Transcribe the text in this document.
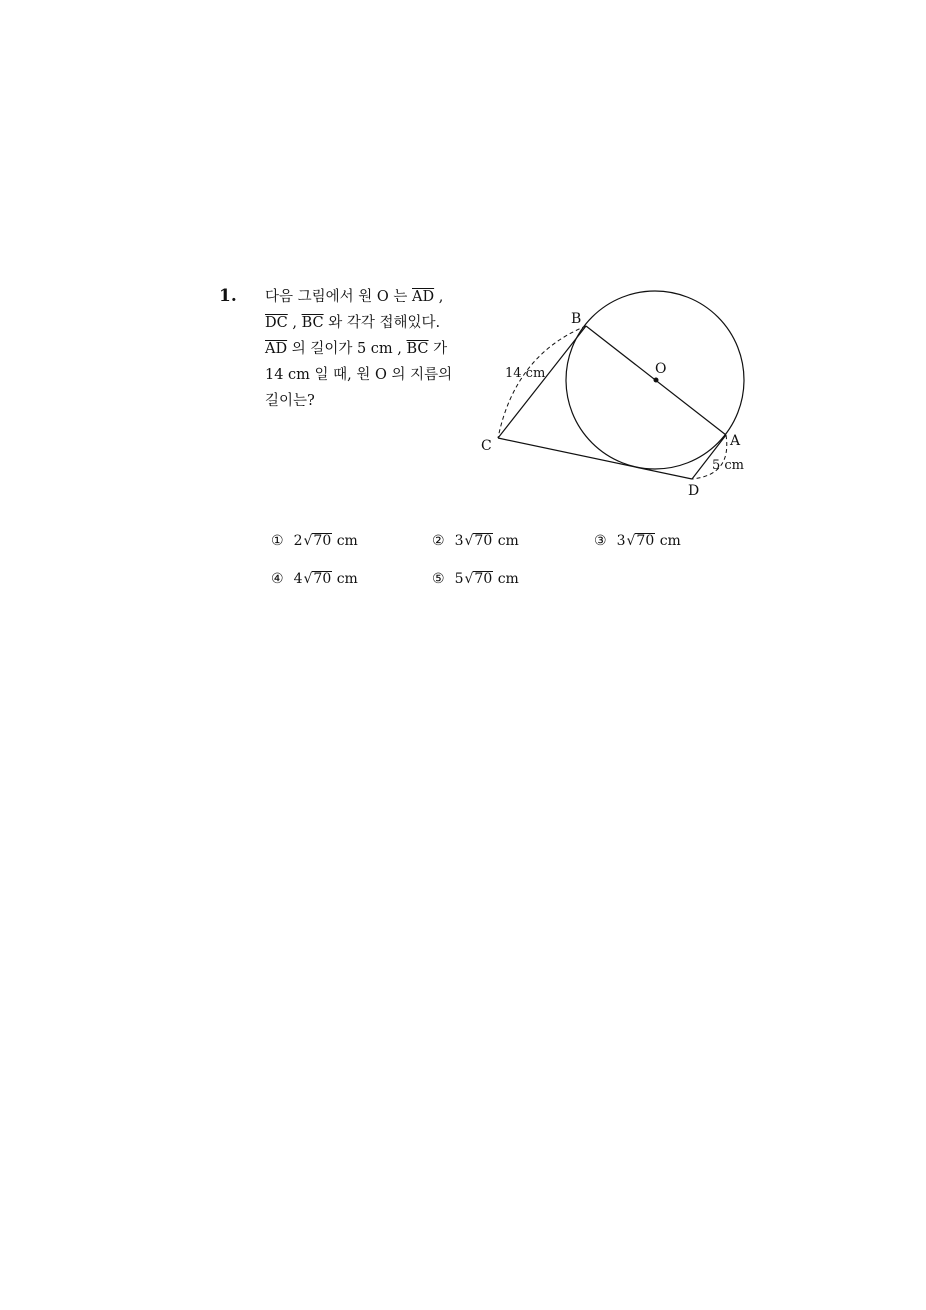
1. 다음 그림에서 원 O 는 $\overline{AD}$ ,
$\overline{DC}$ , $\overline{BC}$ 와 각각 접해있다.
$\overline{AD}$ 의 길이가 5 cm , $\overline{BC}$ 가
14 cm 일 때, 원 O 의 지름의
길이는?
B
O
C	A
D
14 cm
5 cm
① 2 √ 70
cm	② 3 √ 70
cm	③ 3 √ 70
cm
④ 4 √ 70
cm	⑤ 5 √ 70
cm
